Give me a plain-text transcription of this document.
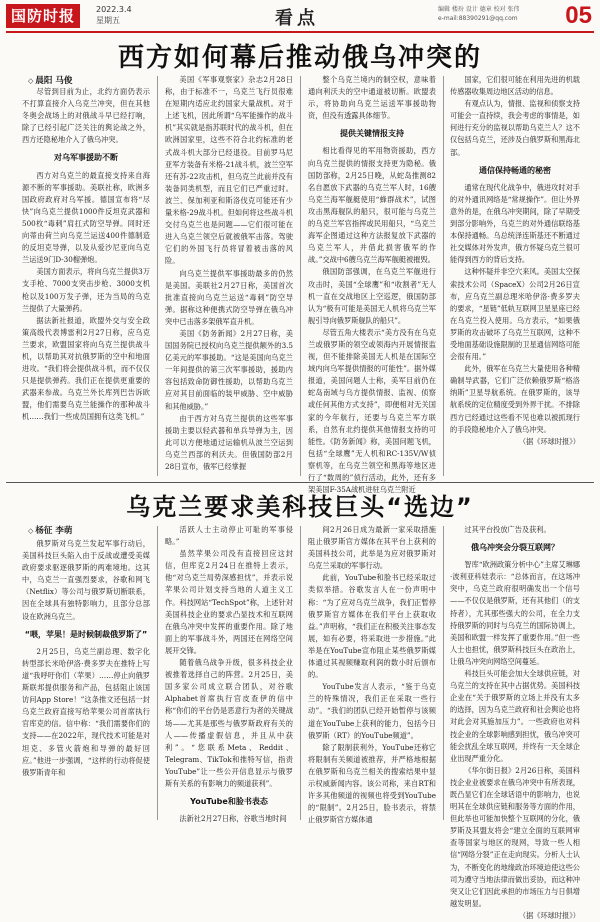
国防时报	2022.3.4
星期五	看点	编辑 楼玢 设计 德章 校对 张伟
e-mail:88390291@qq.com	05
西方如何幕后推动俄乌冲突的
◇ 晨阳 马俊

尽管到目前为止，北约方面仍表示不打算直接介入乌克兰冲突，但在其他冬奥会战场上的对俄战斗早已经打响，除了已经引起广泛关注的舆论战之外，西方还隐秘地介入了俄乌冲突。

对乌军事援助不断

西方对乌克兰的最直接支持来自海源不断的军事援助。美联社称，欧洲多国政府政府对乌军援。德国宣布将“尽快”向乌克兰提供1000件反坦克武器和500枚“毒刺”肩扛式防空导弹。同时还向蒂由荷兰向乌克兰运送400件德制造的反坦克导弹，以及从爱沙尼亚向乌克兰运送9门D-30榴弹炮。

美国方面表示，将向乌克兰提供3万支手枪、7000支突击步枪、3000支机枪以及100万发子弹，还为当局的乌克兰提供了大量弹药。

据法新社报道，欧盟外交与安全政策高级代表博雷利2月27日称，应乌克兰要求，欧盟国家将向乌克兰提供战斗机，以帮助其对抗俄罗斯的空中和地面进攻。“我们将会提供战斗机，而不仅仅只是提供弹药。我们正在提供更重要的武器来参战。乌克兰外长库列巴告诉欧盟，他们需要乌克兰能操作的那种战斗机……我们一些成员国拥有这类飞机。”

美国《军事观察家》杂志2月28日称，由于标准不一，乌克兰飞行员很难在短期内适应北约国家大量战机。对于上述飞机，因此所谓“乌军能操作的战斗机”其实就是指苏联时代的战斗机，但在欧洲国家里，这些不符合北约标准的老式战斗机大部分已经退役。目前罗马尼亚军方装备有米格-21战斗机，波兰空军还有苏-22攻击机，但乌克兰此前并没有装备同类机型，而且它们已严重过时。波兰、保加利亚和斯洛伐克可能还有少量米格-29战斗机。但如何将这些战斗机交付乌克兰也是问题——它们很可能在进入乌克兰领空后就被俄军击落。驾驶它们的外国飞行员将冒着被击落的风险。

向乌克兰提供军事援助最多的仍然是美国。美联社2月27日称，美国首次批准直接向乌克兰运送“毒刺”防空导弹。据称这种便携式防空导弹在俄乌冲突中已击落多架俄军直升机。

美国《防务新闻》2月27日称，美国国务院已授权向乌克兰提供额外的3.5亿美元的军事援助。“这是美国向乌克兰一年间提供的第三次军事援助，援助内容包括致命防御性援助，以帮助乌克兰应对其目前面临的装甲威胁、空中威胁和其他威胁。”

由于西方对乌克兰提供的这些军事援助主要以轻武器和单兵导弹为主，因此可以方便地通过运输机从波兰空运到乌克兰西部的利沃夫。但俄国防部2月28日宣布，俄军已经掌握

整个乌克兰境内的制空权，意味着通向利沃夫的空中通道被切断。欧盟表示，将协助向乌克兰运送军事援助物资，但没有透露具体细节。

提供关键情报支持

相比看得见的军用物资援助，西方向乌克兰提供的情报支持更为隐秘。俄国防部称，2月25日晚，从蛇岛推测82名自愿放下武器的乌克兰军人时，16艘乌克兰海军舰艇使用“蜂群战术”，试图攻击黑海舰队的船只，很可能与乌克兰的乌克兰军官指挥或民用船只，“乌克兰海军企图通过这种方法报复放下武器的乌克兰军人，并借此损害俄军的作战。”交战中6艘乌克兰海军舰艇被摧毁。

俄国防部强调，在乌克兰军舰进行攻击时，美国“全球鹰”和“收割者”无人机一直在交战地区上空巡逻，俄国防部认为“极有可能是美国无人机将乌克兰军舰引导向俄罗斯舰队的船只”。

尽管五角大楼表示“美方没有在乌克兰或俄罗斯的领空或领海内开展情报监视，但不能排除美国无人机是在国际空域内向乌军提供情报的可能性”。据外媒报道，美国问题人士称，美军目前仍在蛇岛南域与乌方提供情报、监视、侦察或任何其他方式支持”，即便相对无关国家的今年航行，还要与乌克兰军方联系，自然有北约提供其他情报支持的可能性。《防务新闻》称，美国问题飞机，包括“全球鹰”无人机和RC-135V/W侦察机等，在乌克兰领空和黑海等地区进行了“数周的”侦行活动，此外，还有多架美国F-35A战机进驻乌克兰附近

国家，它们很可能在利用先进的机载传感器收集周边地区活动的信息。

有观点认为，情报、监视和侦察支持可能会一直持续，我会考虑的事情是，如何进行充分的监视以帮助乌克兰人？这不仅包括乌克兰，还涉及白俄罗斯和黑海北部。

通信保持畅通的秘密

通常在现代化战争中，俄进攻时对手的对外通讯网络是“常规操作”。但让外界意外的是，在俄乌冲突期间，除了早期受到部分影响外，乌克兰的对外通信联络基本保持通畅。乌总统泽连斯基还不断通过社交媒体对外发声，俄方怀疑乌克兰很可能得到西方的背后支持。

这种怀疑并非空穴来风。美国太空探索技术公司（SpaceX）公司2月26日宣布，应乌克兰副总理米哈伊洛·费多罗夫的要求，“星链”低轨互联网卫星星座已经在乌克兰投入使用。乌方表示，“如果俄罗斯的攻击破坏了乌克兰互联网，这种不受地面基础设施限制的卫星通信网络可能会很有用。”

此外，俄军在乌克兰大量使用各种精确制导武器，它们广泛依赖俄罗斯“格洛纳斯”卫星导航系统。在俄罗斯的，该导航系统的定位精度受到外界干扰。不排除西方已经通过这些看不见也难以被抓现行的手段隐秘地介入了俄乌冲突。

（据《环球时报》）

乌克兰要求美科技巨头“选边”
◇ 杨征 李萌

俄罗斯对乌克兰发起军事行动后，美国科技巨头陷入由于反战或遭受美媒政府要求驱逐俄罗斯的两难境地。这其中，乌克兰一直强烈要求，谷歌和网飞（Netflix）等公司与俄罗斯切断联系，因在全球具有独特影响力，且部分总部设在欧洲乌克兰。

“喂，苹果！是时候制裁俄罗斯了”

2月25日，乌克兰副总理、数字化转型部长米哈伊洛·费多罗夫在推特上写道“我呼吁你们（苹果）……停止向俄罗斯联邦提供服务和产品，包括阻止该国访问App Store！”这条推文还包括一封乌克兰政府直接写给苹果公司首席执行官库克的信。信中称：“我们需要你们的支持——在2022年，现代技术可能是对坦克、多管火箭炮和导弹的最好回应。”他进一步强调，“这样的行动将促使俄罗斯青年和

活跃人士主动停止可耻的军事侵略。”

虽然苹果公司没有直接回应这封信，但库克2月24日在推特上表示，他“对乌克兰局势深感担忧”，并表示说苹果公司计划支持当地的人道主义工作。科技网站“TechSpot”称，上述针对美国科技企业的要求凸显技术和互联网在俄乌冲突中发挥的重要作用。除了地面上的军事战斗外，两国还在网络空间展开交锋。

随着俄乌战争升级，很多科技企业被推着选择自己的阵营。2月25日，美国多家公司成立联合团队，对谷歌Alphabet首席执行官皮查伊的信中称“你们的平台仍是恶意行为者的关键战场——尤其是那些与俄罗斯政府有关的人——传播虚假信息，并且从中获利”。“您联系Meta、Reddit、Telegram、TikTok和推特写信，指责YouTube”让一些公开信息显示与俄罗斯有关系的有影响力的频道获利”。

YouTube和脸书表态

法新社2月27日称，谷歌当地时间

间2月26日成为最新一家采取措施阻止俄罗斯官方媒体在其平台上获利的美国科技公司，此举是为应对俄罗斯对乌克兰采取的军事行动。

此前，YouTube和脸书已经采取过类似举措。谷歌发言人在一份声明中称：“为了应对乌克兰战争，我们正暂停俄罗斯官方媒体在我们平台上获取收益。”声明称，“我们正在积极关注事态发展，如有必要，将采取进一步措施。”此举是在YouTube宣布阻止某些俄罗斯媒体通过其视频赚取利润的数小时后颁布的。

YouTube发言人表示，“鉴于乌克兰的特殊情况，我们正在采取一些行动”。“我们的团队已经开始暂停与该频道在YouTube上获利的能力，包括今日俄罗斯（RT）的YouTube频道”。

除了限制获利外，YouTube还称它将限制有关频道被推荐，并严格地根据在俄罗斯和乌克兰相关的搜索结果中显示权威新闻内容。该公司称，来自RT和许多其他频道的视频也将受到YouTube的“限制”。2月25日，脸书表示，将禁止俄罗斯官方媒体通

过其平台投放广告及获利。

俄乌冲突会分裂互联网？

智库“欧洲政策分析中心”主席艾琳娜·波利亚科娃表示：“总体而言，在这场冲突中，乌克兰政府很明确发出一个信号——不仅仅是俄罗斯，还有其他们（的支持者），尤其那些强大的公司，在全力支持俄罗斯的同时与乌克兰的国际协调上，美国和欧盟一样发挥了重要作用。”但一些人士也担忧，俄罗斯科技巨头在政治上，让俄乌冲突向网络空间蔓延。

科技巨头可能会加大全球供应链，对乌克兰的支持在其中占据优势。美国科技企业在“关于俄罗斯的立场上并没有太多的选择，因为乌克兰政府和社会舆论也将对此会对其施加压力”。一些政府也对科技企业的全球影响感到担忧，俄乌冲突可能会扰乱全球互联网，并终有一天全球企业出现严重分化。

《华尔街日报》2月26日称，美国科技企业业被要求在俄乌冲突中有所表现，既凸显它们在全球话语中的影响力，也说明其在全球供应链和服务等方面的作用，但此举也可能加快整个互联网的分化，俄罗斯及其盟友将会“建立全面的互联网审查等国家与地区的现网，导致一些人相信“网络分裂”正在走向现实。分析人士认为，不断变化的地缘政治环境迫使这些公司为遵守当地法律而做出妥协，而这种冲突又让它们因此承担的市场压力与日俱增越发明显。

（据《环球时报》）
